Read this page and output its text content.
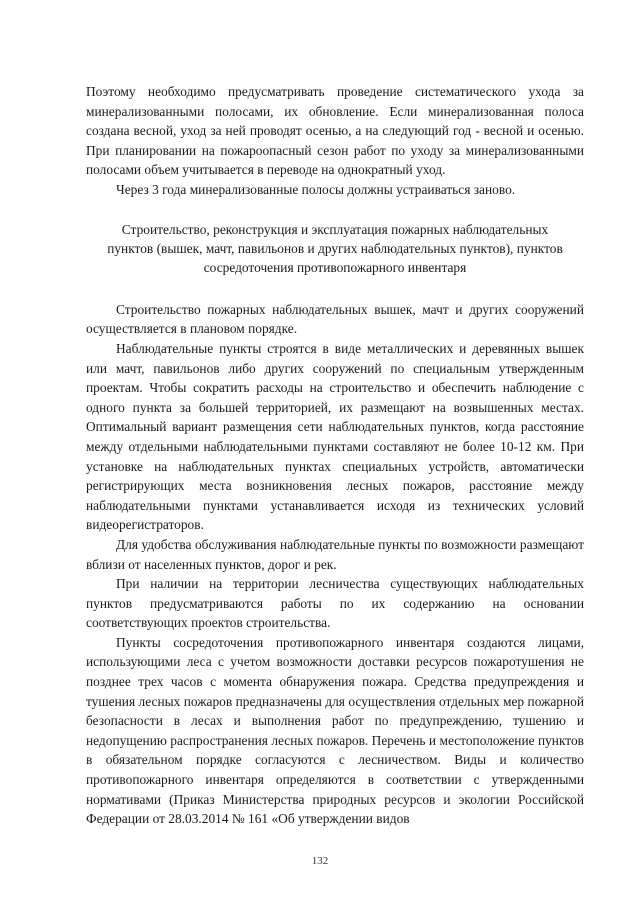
Поэтому необходимо предусматривать проведение систематического ухода за минерализованными полосами, их обновление. Если минерализованная полоса создана весной, уход за ней проводят осенью, а на следующий год - весной и осенью. При планировании на пожароопасный сезон работ по уходу за минерализованными полосами объем учитывается в переводе на однократный уход.

Через 3 года минерализованные полосы должны устраиваться заново.

Строительство, реконструкция и эксплуатация пожарных наблюдательных пунктов (вышек, мачт, павильонов и других наблюдательных пунктов), пунктов сосредоточения противопожарного инвентаря

Строительство пожарных наблюдательных вышек, мачт и других сооружений осуществляется в плановом порядке.

Наблюдательные пункты строятся в виде металлических и деревянных вышек или мачт, павильонов либо других сооружений по специальным утвержденным проектам. Чтобы сократить расходы на строительство и обеспечить наблюдение с одного пункта за большей территорией, их размещают на возвышенных местах. Оптимальный вариант размещения сети наблюдательных пунктов, когда расстояние между отдельными наблюдательными пунктами составляют не более 10-12 км. При установке на наблюдательных пунктах специальных устройств, автоматически регистрирующих места возникновения лесных пожаров, расстояние между наблюдательными пунктами устанавливается исходя из технических условий видеорегистраторов.

Для удобства обслуживания наблюдательные пункты по возможности размещают вблизи от населенных пунктов, дорог и рек.

При наличии на территории лесничества существующих наблюдательных пунктов предусматриваются работы по их содержанию на основании соответствующих проектов строительства.

Пункты сосредоточения противопожарного инвентаря создаются лицами, использующими леса с учетом возможности доставки ресурсов пожаротушения не позднее трех часов с момента обнаружения пожара. Средства предупреждения и тушения лесных пожаров предназначены для осуществления отдельных мер пожарной безопасности в лесах и выполнения работ по предупреждению, тушению и недопущению распространения лесных пожаров. Перечень и местоположение пунктов в обязательном порядке согласуются с лесничеством. Виды и количество противопожарного инвентаря определяются в соответствии с утвержденными нормативами (Приказ Министерства природных ресурсов и экологии Российской Федерации от 28.03.2014 № 161 «Об утверждении видов

132
